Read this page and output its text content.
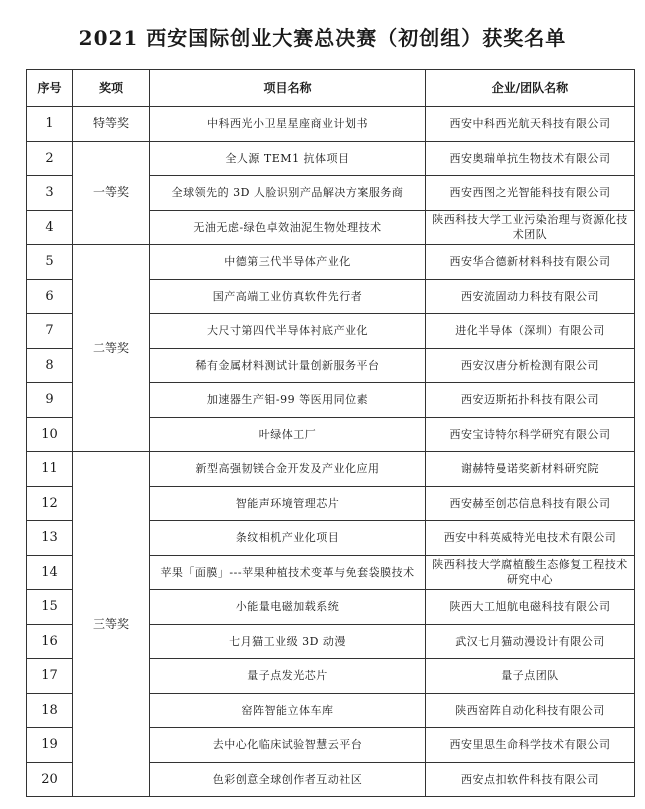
2021 西安国际创业大赛总决赛（初创组）获奖名单
序号	奖项	项目名称	企业/团队名称
1	特等奖	中科西光小卫星星座商业计划书	西安中科西光航天科技有限公司
2	一等奖	全人源 TEM1 抗体项目	西安奥瑞单抗生物技术有限公司
3		全球领先的 3D 人脸识别产品解决方案服务商	西安西图之光智能科技有限公司
4		无油无虑-绿色卓效油泥生物处理技术	陕西科技大学工业污染治理与资源化技术团队
5	二等奖	中德第三代半导体产业化	西安华合德新材料科技有限公司
6		国产高端工业仿真软件先行者	西安流固动力科技有限公司
7		大尺寸第四代半导体衬底产业化	进化半导体（深圳）有限公司
8		稀有金属材料测试计量创新服务平台	西安汉唐分析检测有限公司
9		加速器生产钼-99 等医用同位素	西安迈斯拓扑科技有限公司
10		叶绿体工厂	西安宝诗特尔科学研究有限公司
11	三等奖	新型高强韧镁合金开发及产业化应用	谢赫特曼诺奖新材料研究院
12		智能声环境管理芯片	西安赫至创芯信息科技有限公司
13		条纹相机产业化项目	西安中科英威特光电技术有限公司
14		苹果「面膜」---苹果种植技术变革与免套袋膜技术	陕西科技大学腐植酸生态修复工程技术研究中心
15		小能量电磁加载系统	陕西大工旭航电磁科技有限公司
16		七月猫工业级 3D 动漫	武汉七月猫动漫设计有限公司
17		量子点发光芯片	量子点团队
18		窑阵智能立体车库	陕西窑阵自动化科技有限公司
19		去中心化临床试验智慧云平台	西安里思生命科学技术有限公司
20		色彩创意全球创作者互动社区	西安点扣软件科技有限公司
